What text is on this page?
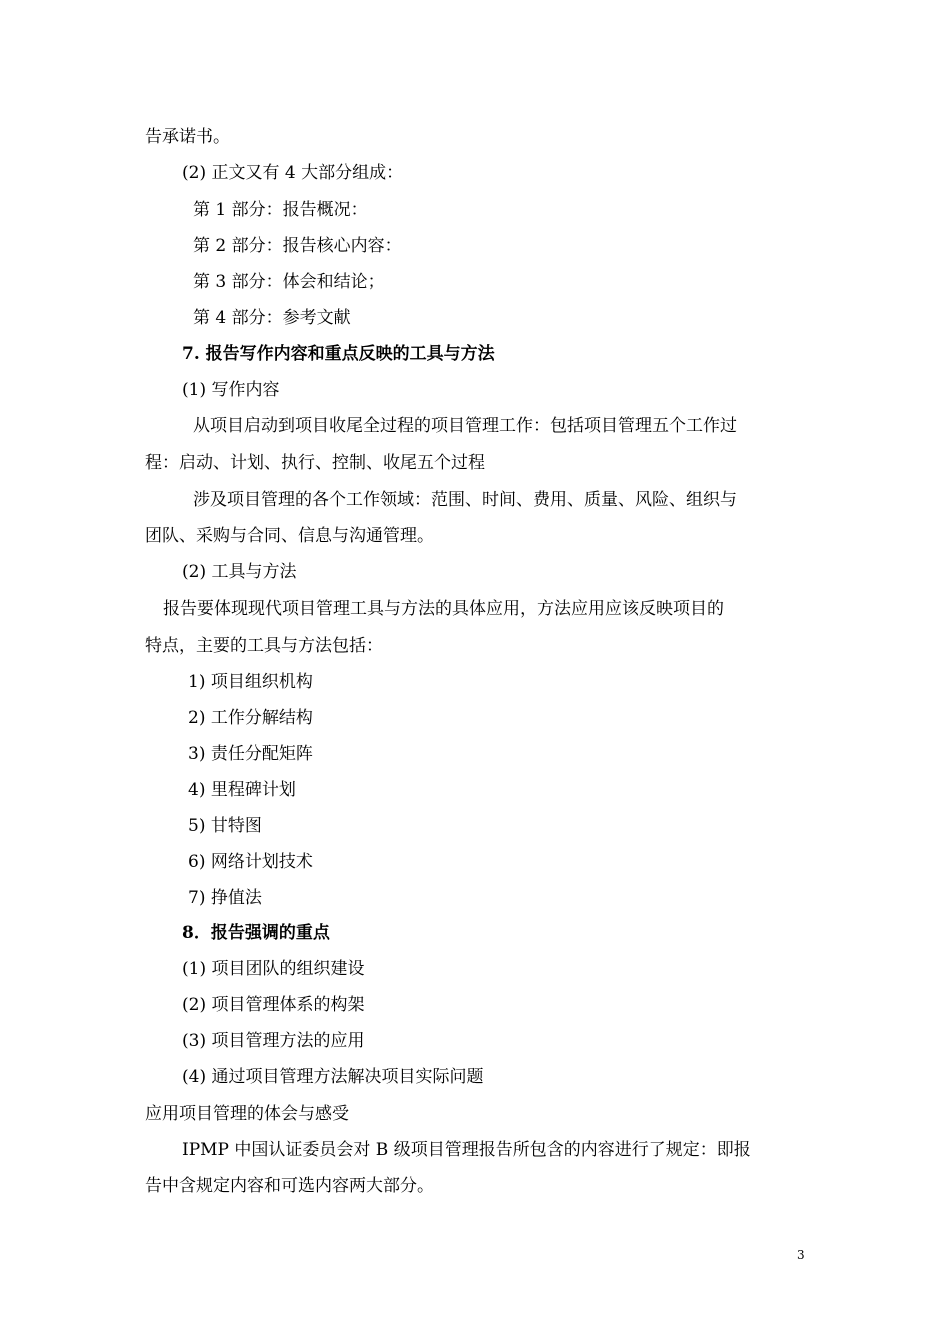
告承诺书。
(2) 正文又有 4 大部分组成：
第 1 部分：报告概况：
第 2 部分：报告核心内容：
第 3 部分：体会和结论；
第 4 部分：参考文献
7. 报告写作内容和重点反映的工具与方法
(1) 写作内容
从项目启动到项目收尾全过程的项目管理工作：包括项目管理五个工作过
程：启动、计划、执行、控制、收尾五个过程
涉及项目管理的各个工作领域：范围、时间、费用、质量、风险、组织与
团队、采购与合同、信息与沟通管理。
(2) 工具与方法
报告要体现现代项目管理工具与方法的具体应用，方法应用应该反映项目的
特点，主要的工具与方法包括：
1) 项目组织机构
2) 工作分解结构
3) 责任分配矩阵
4) 里程碑计划
5) 甘特图
6) 网络计划技术
7) 挣值法
8．报告强调的重点
(1) 项目团队的组织建设
(2) 项目管理体系的构架
(3) 项目管理方法的应用
(4) 通过项目管理方法解决项目实际问题
应用项目管理的体会与感受
IPMP 中国认证委员会对 B 级项目管理报告所包含的内容进行了规定：即报
告中含规定内容和可选内容两大部分。
3
